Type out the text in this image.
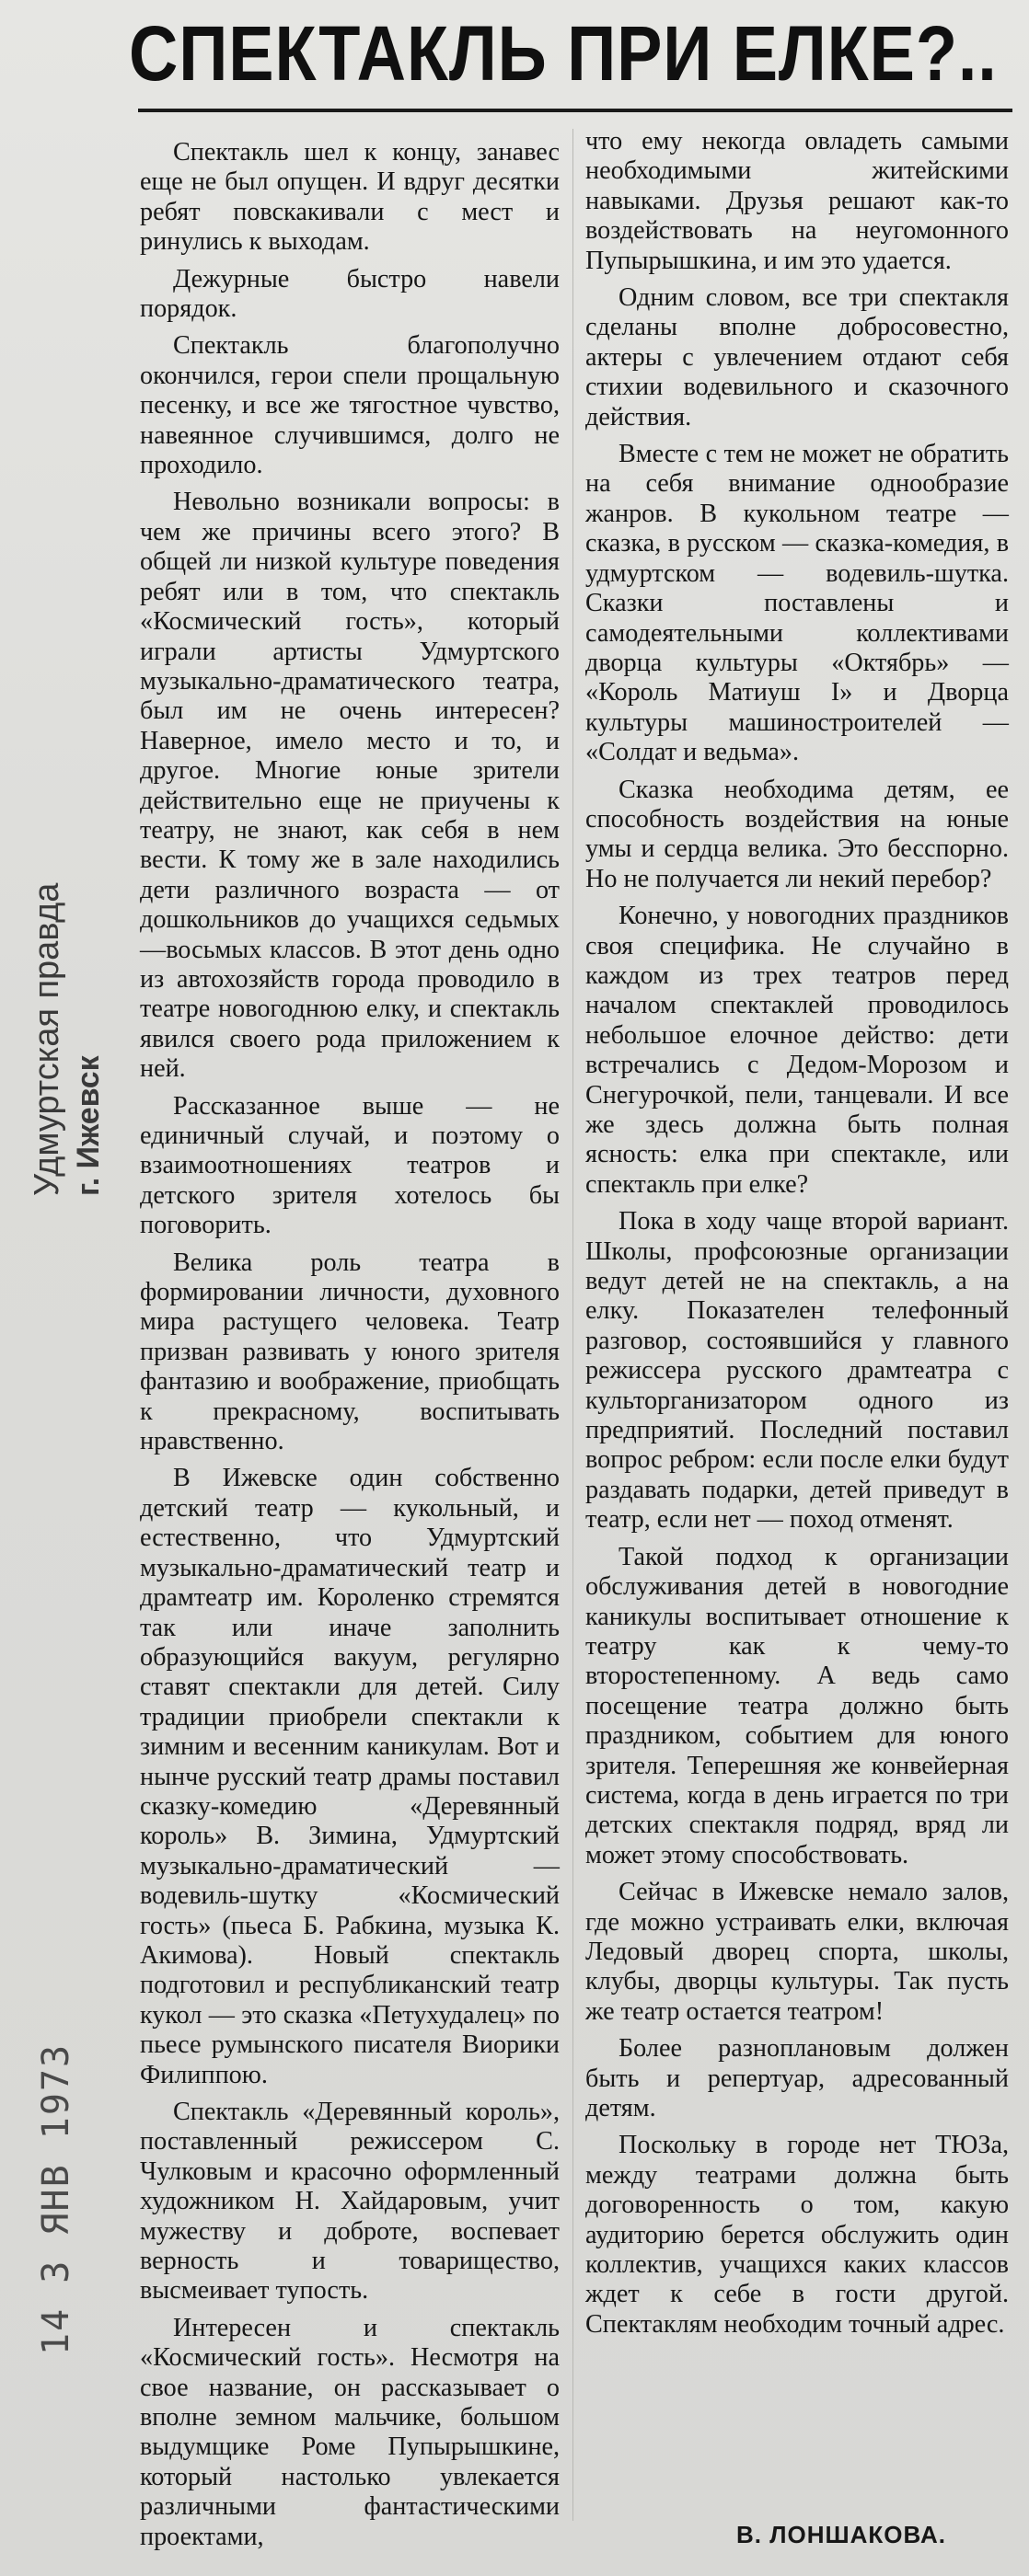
СПЕКТАКЛЬ ПРИ ЕЛКЕ?..
Удмуртская правда г. Ижевск
14 3 ЯНВ 1973

Спектакль шел к концу, занавес еще не был опущен. И вдруг десятки ребят повскакивали с мест и ринулись к выходам.

Дежурные быстро навели порядок.

Спектакль благополучно окончился, герои спели прощальную песенку, и все же тягостное чувство, навеянное случившимся, долго не проходило.

Невольно возникали вопросы: в чем же причины всего этого? В общей ли низкой культуре поведения ребят или в том, что спектакль «Космический гость», который играли артисты Удмуртского музыкально-драматического театра, был им не очень интересен? Наверное, имело место и то, и другое. Многие юные зрители действительно еще не приучены к театру, не знают, как себя в нем вести. К тому же в зале находились дети различного возраста — от дошкольников до учащихся седьмых—восьмых классов. В этот день одно из автохозяйств города проводило в театре новогоднюю елку, и спектакль явился своего рода приложением к ней.

Рассказанное выше — не единичный случай, и поэтому о взаимоотношениях театров и детского зрителя хотелось бы поговорить.

Велика роль театра в формировании личности, духовного мира растущего человека. Театр призван развивать у юного зрителя фантазию и воображение, приобщать к прекрасному, воспитывать нравственно.

В Ижевске один собственно детский театр — кукольный, и естественно, что Удмуртский музыкально-драматический театр и драмтеатр им. Короленко стремятся так или иначе заполнить образующийся вакуум, регулярно ставят спектакли для детей. Силу традиции приобрели спектакли к зимним и весенним каникулам. Вот и нынче русский театр драмы поставил сказку-комедию «Деревянный король» В. Зимина, Удмуртский музыкально-драматический — водевиль-шутку «Космический гость» (пьеса Б. Рабкина, музыка К. Акимова). Новый спектакль подготовил и республиканский театр кукол — это сказка «Петухудалец» по пьесе румынского писателя Виорики Филиппою.

Спектакль «Деревянный король», поставленный режиссером С. Чулковым и красочно оформленный художником Н. Хайдаровым, учит мужеству и доброте, воспевает верность и товарищество, высмеивает тупость.

Интересен и спектакль «Космический гость». Несмотря на свое название, он рассказывает о вполне земном мальчике, большом выдумщике Роме Пупырышкине, который настолько увлекается различными фантастическими проектами,

что ему некогда овладеть самыми необходимыми житейскими навыками. Друзья решают как-то воздействовать на неугомонного Пупырышкина, и им это удается.

Одним словом, все три спектакля сделаны вполне добросовестно, актеры с увлечением отдают себя стихии водевильного и сказочного действия.

Вместе с тем не может не обратить на себя внимание однообразие жанров. В кукольном театре — сказка, в русском — сказка-комедия, в удмуртском — водевиль-шутка. Сказки поставлены и самодеятельными коллективами дворца культуры «Октябрь» — «Король Матиуш I» и Дворца культуры машиностроителей — «Солдат и ведьма».

Сказка необходима детям, ее способность воздействия на юные умы и сердца велика. Это бесспорно. Но не получается ли некий перебор?

Конечно, у новогодних праздников своя специфика. Не случайно в каждом из трех театров перед началом спектаклей проводилось небольшое елочное действо: дети встречались с Дедом-Морозом и Снегурочкой, пели, танцевали. И все же здесь должна быть полная ясность: елка при спектакле, или спектакль при елке?

Пока в ходу чаще второй вариант. Школы, профсоюзные организации ведут детей не на спектакль, а на елку. Показателен телефонный разговор, состоявшийся у главного режиссера русского драмтеатра с культорганизатором одного из предприятий. Последний поставил вопрос ребром: если после елки будут раздавать подарки, детей приведут в театр, если нет — поход отменят.

Такой подход к организации обслуживания детей в новогодние каникулы воспитывает отношение к театру как к чему-то второстепенному. А ведь само посещение театра должно быть праздником, событием для юного зрителя. Теперешняя же конвейерная система, когда в день играется по три детских спектакля подряд, вряд ли может этому способствовать.

Сейчас в Ижевске немало залов, где можно устраивать елки, включая Ледовый дворец спорта, школы, клубы, дворцы культуры. Так пусть же театр остается театром!

Более разноплановым должен быть и репертуар, адресованный детям.

Поскольку в городе нет ТЮЗа, между театрами должна быть договоренность о том, какую аудиторию берется обслужить один коллектив, учащихся каких классов ждет к себе в гости другой. Спектаклям необходим точный адрес.

В. ЛОНШАКОВА.
